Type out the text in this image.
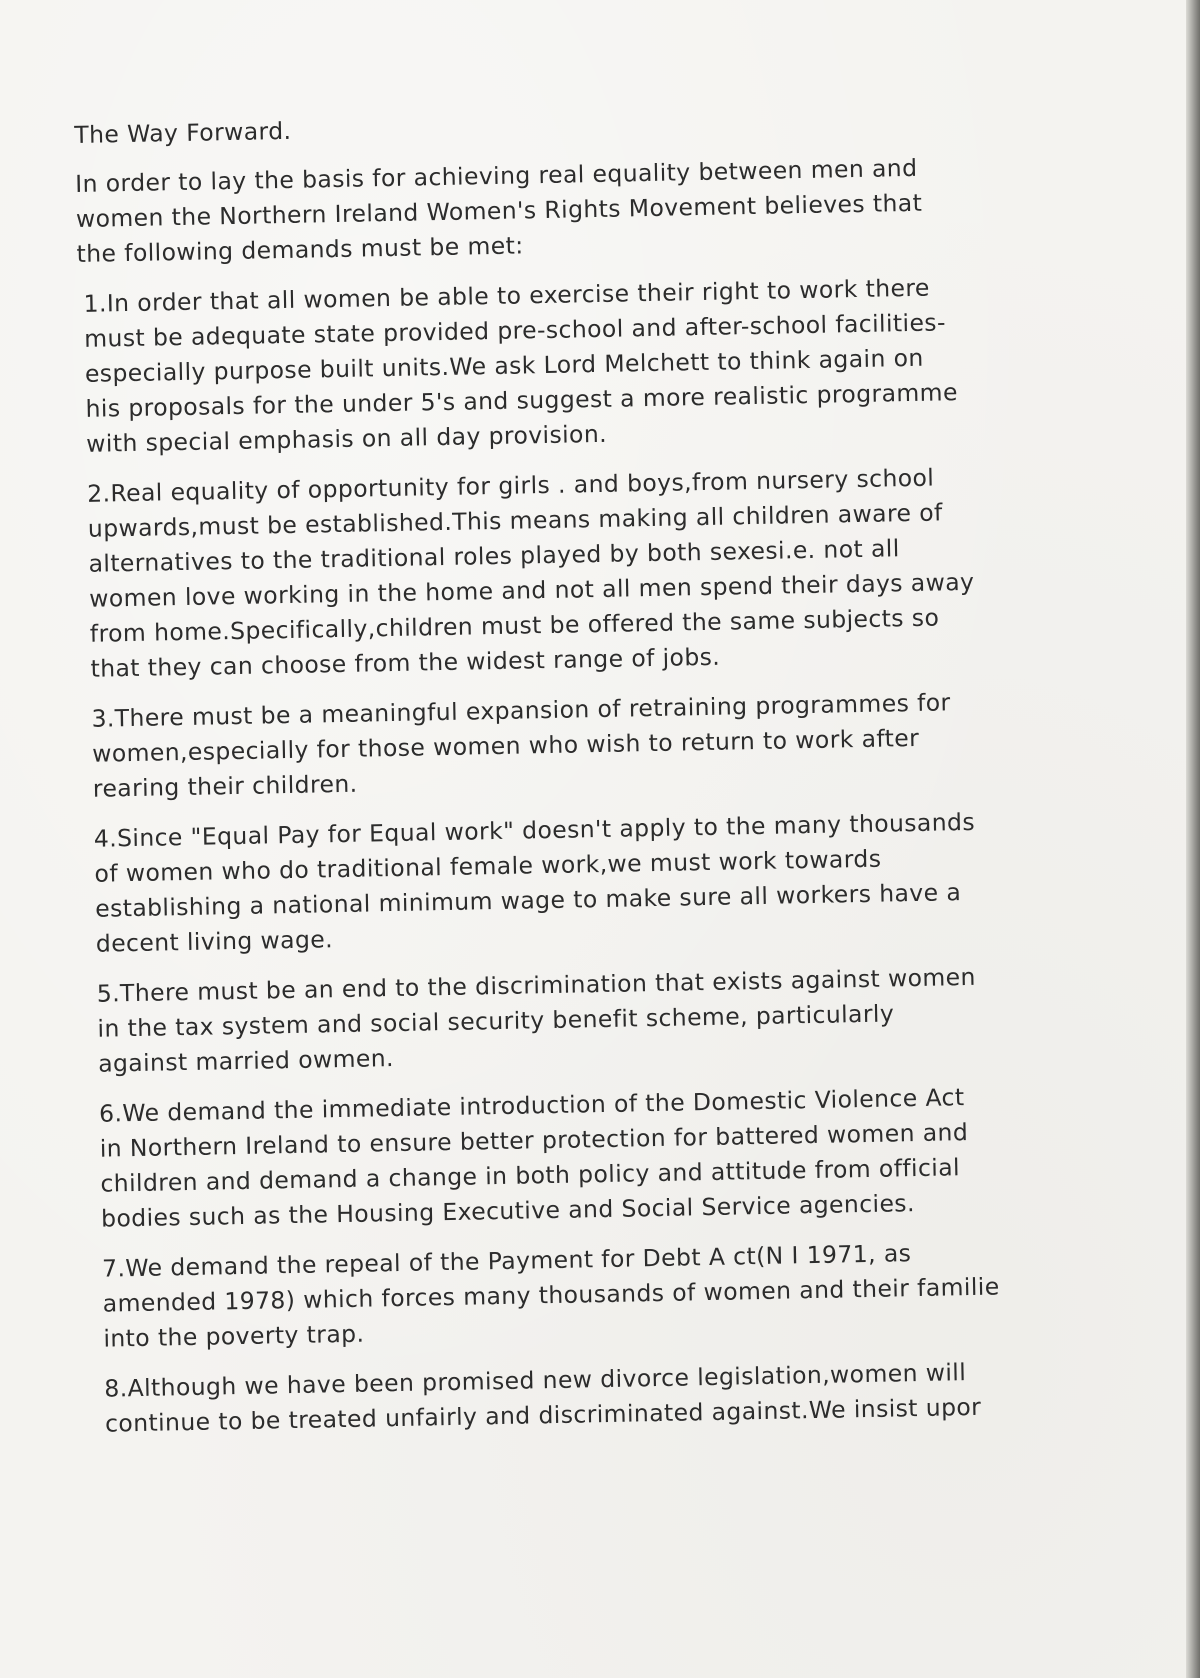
The Way Forward.
In order to lay the basis for achieving real equality between men and
women the Northern Ireland Women's Rights Movement believes that
the following demands must be met:
1.In order that all women be able to exercise their right to work there
must be adequate state provided pre-school and after-school facilities-
especially purpose built units.We ask Lord Melchett to think again on
his proposals for the under 5's and suggest a more realistic programme
with special emphasis on all day provision.
2.Real equality of opportunity for girls . and boys,from nursery school
upwards,must be established.This means making all children aware of
alternatives to the traditional roles played by both sexesi.e. not all
women love working in the home and not all men spend their days away
from home.Specifically,children must be offered the same subjects so
that they can choose from the widest range of jobs.
3.There must be a meaningful expansion of retraining programmes for
women,especially for those women who wish to return to work after
rearing their children.
4.Since "Equal Pay for Equal work" doesn't apply to the many thousands
of women who do traditional female work,we must work towards
establishing a national minimum wage to make sure all workers have a
decent living wage.
5.There must be an end to the discrimination that exists against women
in the tax system and social security benefit scheme, particularly
against married owmen.
6.We demand the immediate introduction of the Domestic Violence Act
in Northern Ireland to ensure better protection for battered women and
children and demand a change in both policy and attitude from official
bodies such as the Housing Executive and Social Service agencies.
7.We demand the repeal of the Payment for Debt A ct(N I 1971, as
amended 1978) which forces many thousands of women and their familie
into the poverty trap.
8.Although we have been promised new divorce legislation,women will
continue to be treated unfairly and discriminated against.We insist upor
